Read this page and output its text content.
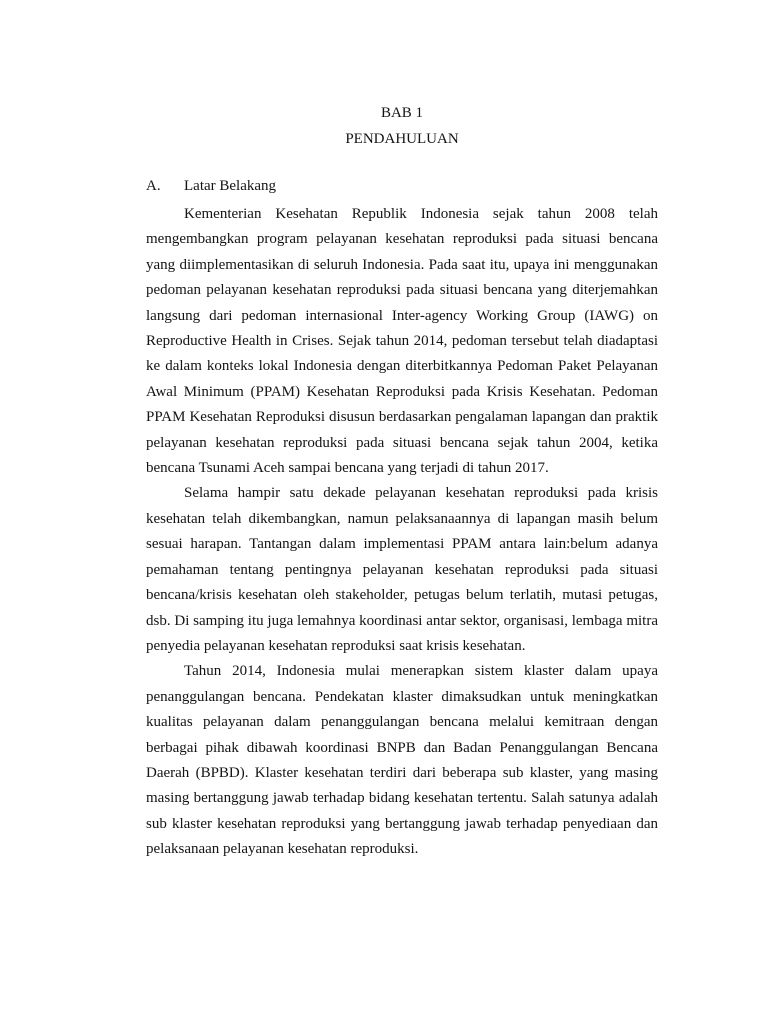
BAB 1
PENDAHULUAN
A. Latar Belakang

Kementerian Kesehatan Republik Indonesia sejak tahun 2008 telah mengembangkan program pelayanan kesehatan reproduksi pada situasi bencana yang diimplementasikan di seluruh Indonesia. Pada saat itu, upaya ini menggunakan pedoman pelayanan kesehatan reproduksi pada situasi bencana yang diterjemahkan langsung dari pedoman internasional Inter-agency Working Group (IAWG) on Reproductive Health in Crises. Sejak tahun 2014, pedoman tersebut telah diadaptasi ke dalam konteks lokal Indonesia dengan diterbitkannya Pedoman Paket Pelayanan Awal Minimum (PPAM) Kesehatan Reproduksi pada Krisis Kesehatan. Pedoman PPAM Kesehatan Reproduksi disusun berdasarkan pengalaman lapangan dan praktik pelayanan kesehatan reproduksi pada situasi bencana sejak tahun 2004, ketika bencana Tsunami Aceh sampai bencana yang terjadi di tahun 2017.

Selama hampir satu dekade pelayanan kesehatan reproduksi pada krisis kesehatan telah dikembangkan, namun pelaksanaannya di lapangan masih belum sesuai harapan. Tantangan dalam implementasi PPAM antara lain:belum adanya pemahaman tentang pentingnya pelayanan kesehatan reproduksi pada situasi bencana/krisis kesehatan oleh stakeholder, petugas belum terlatih, mutasi petugas, dsb. Di samping itu juga lemahnya koordinasi antar sektor, organisasi, lembaga mitra penyedia pelayanan kesehatan reproduksi saat krisis kesehatan.

Tahun 2014, Indonesia mulai menerapkan sistem klaster dalam upaya penanggulangan bencana. Pendekatan klaster dimaksudkan untuk meningkatkan kualitas pelayanan dalam penanggulangan bencana melalui kemitraan dengan berbagai pihak dibawah koordinasi BNPB dan Badan Penanggulangan Bencana Daerah (BPBD). Klaster kesehatan terdiri dari beberapa sub klaster, yang masing masing bertanggung jawab terhadap bidang kesehatan tertentu. Salah satunya adalah sub klaster kesehatan reproduksi yang bertanggung jawab terhadap penyediaan dan pelaksanaan pelayanan kesehatan reproduksi.
